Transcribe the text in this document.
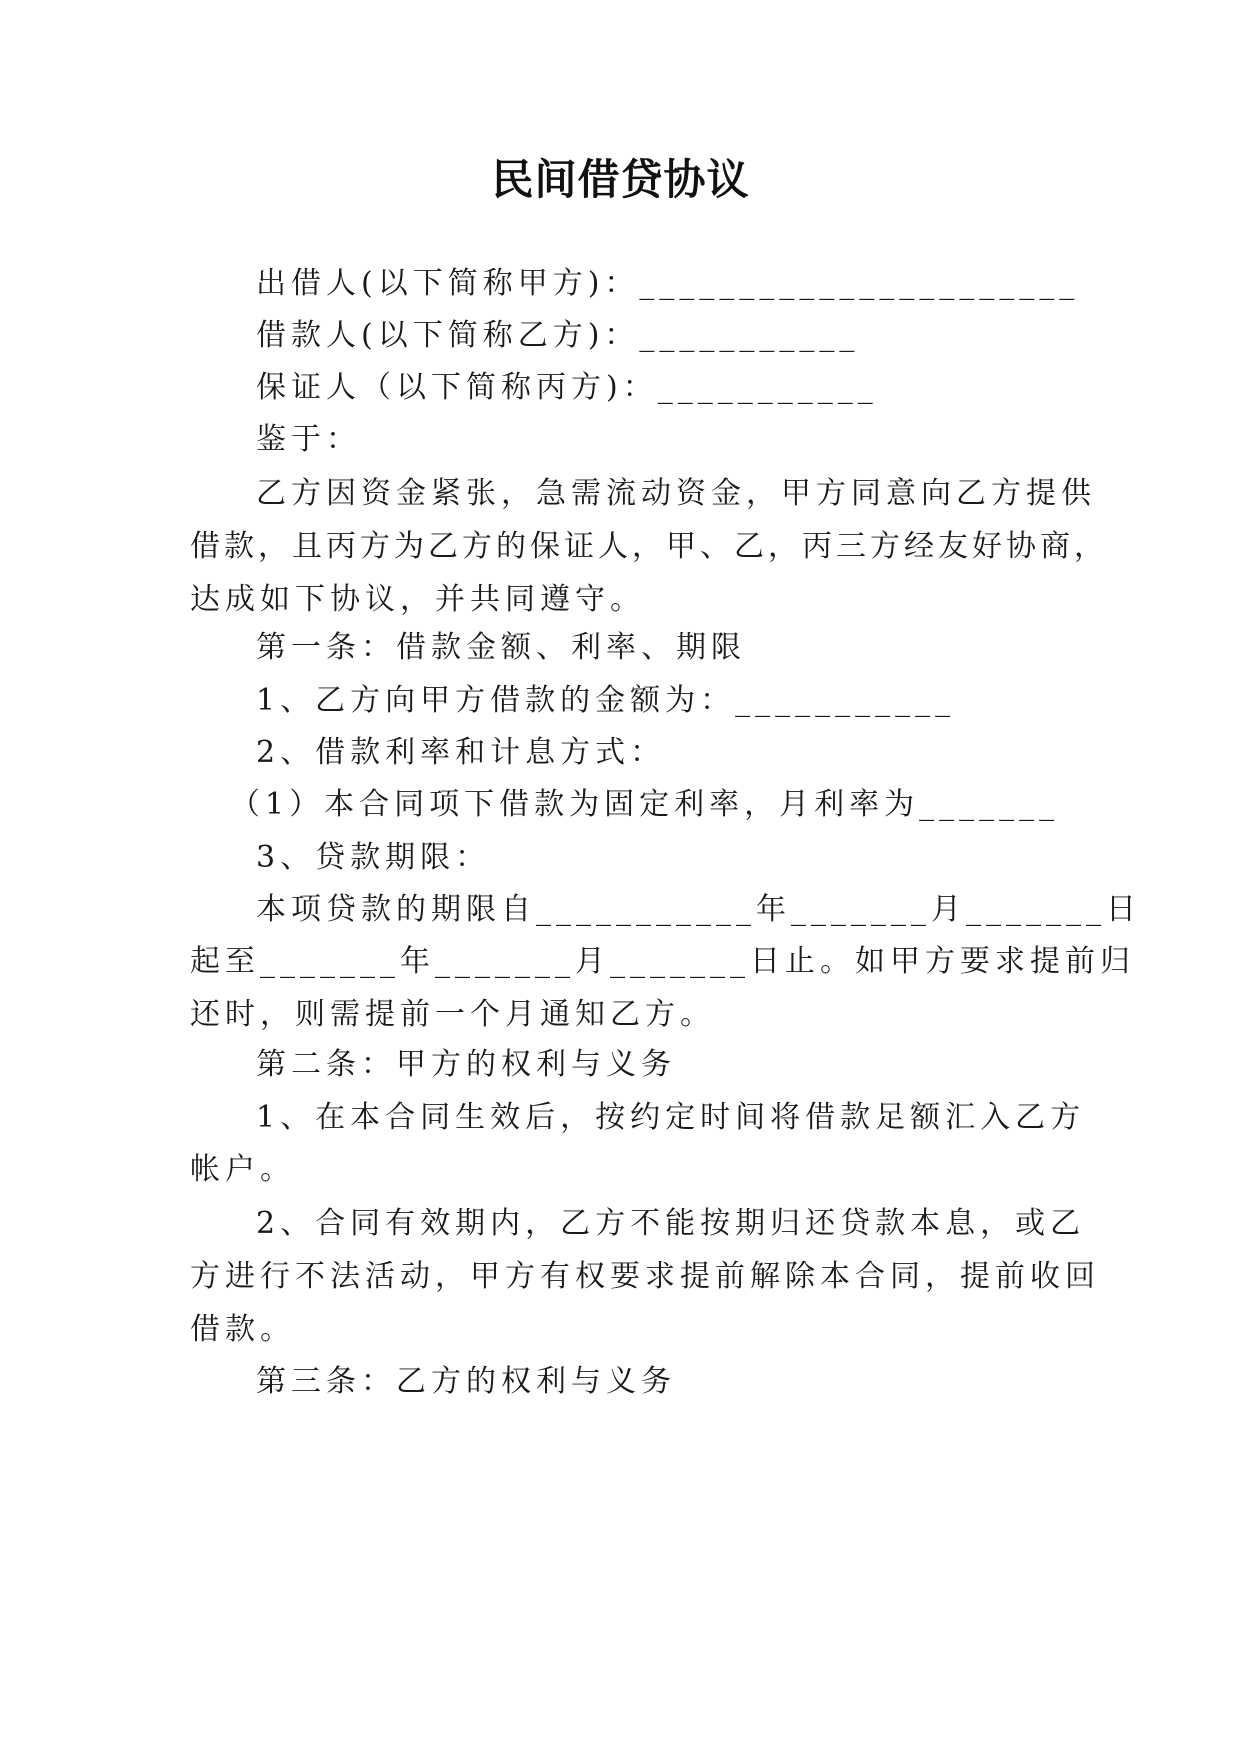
民间借贷协议
出借人(以下简称甲方)：______________________
借款人(以下简称乙方)：___________
保证人（以下简称丙方)：___________
鉴于：
乙方因资金紧张，急需流动资金，甲方同意向乙方提供
借款，且丙方为乙方的保证人，甲、乙，丙三方经友好协商，
达成如下协议，并共同遵守。
第一条：借款金额、利率、期限
1、乙方向甲方借款的金额为：___________
2、借款利率和计息方式：
（1）本合同项下借款为固定利率，月利率为_______
3、贷款期限：
本项贷款的期限自___________年_______月_______日
起至_______年_______月_______日止。如甲方要求提前归
还时，则需提前一个月通知乙方。
第二条：甲方的权利与义务
1、在本合同生效后，按约定时间将借款足额汇入乙方
帐户。
2、合同有效期内，乙方不能按期归还贷款本息，或乙
方进行不法活动，甲方有权要求提前解除本合同，提前收回
借款。
第三条：乙方的权利与义务
